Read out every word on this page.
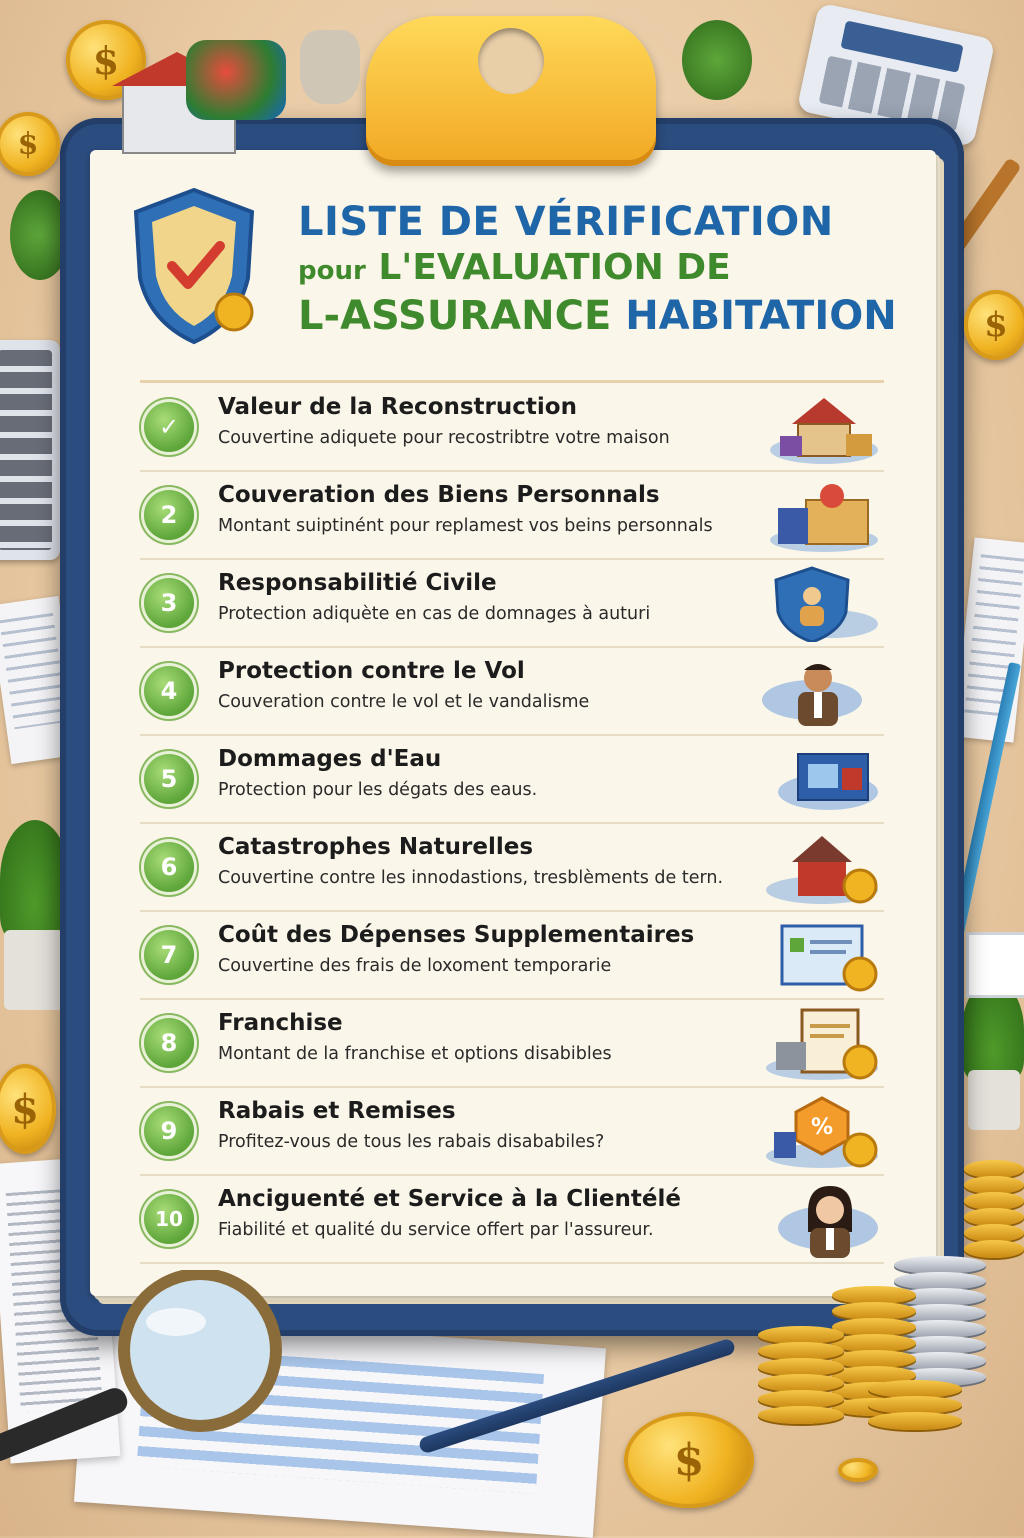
$
$
$
$
LISTE DE VÉRIFICATION
pour L'EVALUATION DE
L-ASSURANCE HABITATION
✓
Valeur de la Reconstruction
Couvertine adiquete pour recostribtre votre maison
2
Couveration des Biens Personnals
Montant suiptinént pour replamest vos beins personnals
3
Responsabilitié Civile
Protection adiquète en cas de domnages à auturi
4
Protection contre le Vol
Couveration contre le vol et le vandalisme
5
Dommages d'Eau
Protection pour les dégats des eaus.
6
Catastrophes Naturelles
Couvertine contre les innodastions, tresblèments de tern.
7
Coût des Dépenses Supplementaires
Couvertine des frais de loxoment temporarie
8
Franchise
Montant de la franchise et options disabibles
9
Rabais et Remises
Profitez-vous de tous les rabais disababiles?
%
10
Anciguenté et Service à la Clientélé
Fiabilité et qualité du service offert par l'assureur.
$
